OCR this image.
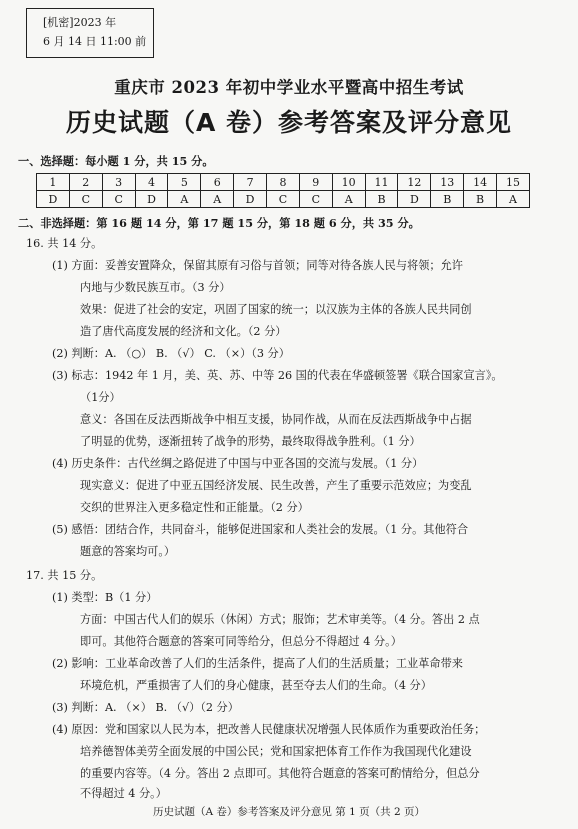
[机密]2023 年
6 月 14 日 11:00 前
重庆市 2023 年初中学业水平暨高中招生考试
历史试题（A 卷）参考答案及评分意见
一、选择题：每小题 1 分，共 15 分。
1	2	3	4	5	6	7	8	9	10	11	12	13	14	15
D	C	C	D	A	A	D	C	C	A	B	D	B	B	A
二、非选择题：第 16 题 14 分，第 17 题 15 分，第 18 题 6 分，共 35 分。
16. 共 14 分。
(1) 方面：妥善安置降众，保留其原有习俗与首领；同等对待各族人民与将领；允许
内地与少数民族互市。（3 分）
效果：促进了社会的安定，巩固了国家的统一；以汉族为主体的各族人民共同创
造了唐代高度发展的经济和文化。（2 分）
(2) 判断：A. （○） B. （√） C. （×）（3 分）
(3) 标志：1942 年 1 月，美、英、苏、中等 26 国的代表在华盛顿签署《联合国家宣言》。
（1分）
意义：各国在反法西斯战争中相互支援，协同作战，从而在反法西斯战争中占据
了明显的优势，逐渐扭转了战争的形势，最终取得战争胜利。（1 分）
(4) 历史条件：古代丝绸之路促进了中国与中亚各国的交流与发展。（1 分）
现实意义：促进了中亚五国经济发展、民生改善，产生了重要示范效应；为变乱
交织的世界注入更多稳定性和正能量。（2 分）
(5) 感悟：团结合作，共同奋斗，能够促进国家和人类社会的发展。（1 分。其他符合
题意的答案均可。）
17. 共 15 分。
(1) 类型：B（1 分）
方面：中国古代人们的娱乐（休闲）方式；服饰；艺术审美等。（4 分。答出 2 点
即可。其他符合题意的答案可同等给分，但总分不得超过 4 分。）
(2) 影响：工业革命改善了人们的生活条件，提高了人们的生活质量；工业革命带来
环境危机，严重损害了人们的身心健康，甚至夺去人们的生命。（4 分）
(3) 判断：A. （×） B. （√）（2 分）
(4) 原因：党和国家以人民为本，把改善人民健康状况增强人民体质作为重要政治任务；
培养德智体美劳全面发展的中国公民；党和国家把体育工作作为我国现代化建设
的重要内容等。（4 分。答出 2 点即可。其他符合题意的答案可酌情给分，但总分
不得超过 4 分。）
历史试题（A 卷）参考答案及评分意见 第 1 页（共 2 页）
